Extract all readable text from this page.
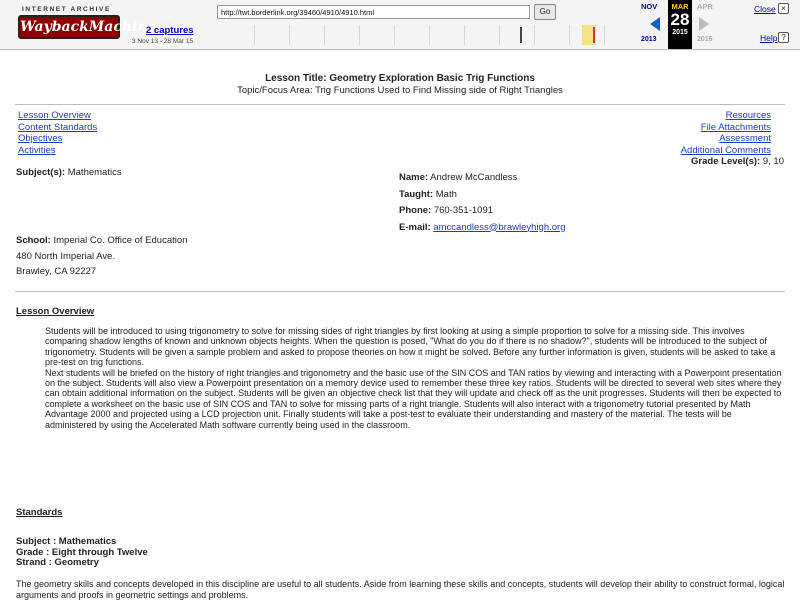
INTERNET ARCHIVE
WaybackMachine
2 captures
3 Nov 13 - 28 Mar 15
http://twt.borderlink.org/39460/4910/4910.html	Go
NOV
2013
MAR
28
2015
APR
2016
Close ×
Help ?
Lesson Title: Geometry Exploration Basic Trig Functions
Topic/Focus Area: Trig Functions Used to Find Missing side of Right Triangles
Lesson Overview
Content Standards
Objectives
Activities
Resources
File Attachments
Assessment
Additional Comments
Grade Level(s): 9, 10
Subject(s): Mathematics	Name: Andrew McCandless
Taught: Math
Phone: 760-351-1091
E-mail: amccandless@brawleyhigh.org
School: Imperial Co. Office of Education
480 North Imperial Ave.
Brawley, CA 92227
Lesson Overview

Students will be introduced to using trigonometry to solve for missing sides of right triangles by first looking at using a simple proportion to solve for a missing side. This involves comparing shadow lengths of known and unknown objects heights. When the question is posed, "What do you do if there is no shadow?", students will be introduced to the subject of trigonometry. Students will be given a sample problem and asked to propose theories on how it might be solved. Before any further information is given, students will be asked to take a pre-test on trig functions.

Next students will be briefed on the history of right triangles and trigonometry and the basic use of the SIN COS and TAN ratios by viewing and interacting with a Powerpoint presentation on the subject. Students will also view a Powerpoint presentation on a memory device used to remember these three key ratios. Students will be directed to several web sites where they can obtain additional information on the subject. Students will be given an objective check list that they will update and check off as the unit progresses. Students will then be expected to complete a worksheet on the basic use of SIN COS and TAN to solve for missing parts of a right triangle. Students will also interact with a trigonometry tutorial presented by Math Advantage 2000 and projected using a LCD projection unit. Finally students will take a post-test to evaluate their understanding and mastery of the material. The tests will be administered by using the Accelerated Math software currently being used in the classroom.

Standards
Subject : Mathematics
Grade : Eight through Twelve
Strand : Geometry
The geometry skills and concepts developed in this discipline are useful to all students. Aside from learning these skills and concepts, students will develop their ability to construct formal, logical arguments and proofs in geometric settings and problems.
